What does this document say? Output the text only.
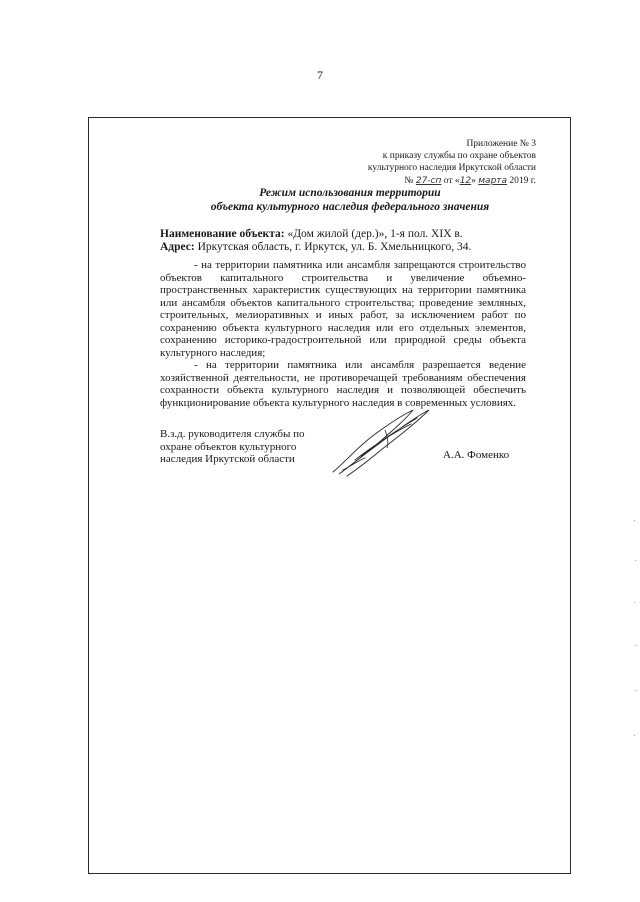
7
Приложение № 3
к приказу службы по охране объектов
культурного наследия Иркутской области
№ 27-сп от «12» марта 2019 г.
Режим использования территории
объекта культурного наследия федерального значения
Наименование объекта: «Дом жилой (дер.)», 1-я пол. XIX в.
Адрес: Иркутская область, г. Иркутск, ул. Б. Хмельницкого, 34.

- на территории памятника или ансамбля запрещаются строительство объектов капитального строительства и увеличение объемно-пространственных характеристик существующих на территории памятника или ансамбля объектов капитального строительства; проведение земляных, строительных, мелиоративных и иных работ, за исключением работ по сохранению объекта культурного наследия или его отдельных элементов, сохранению историко-градостроительной или природной среды объекта культурного наследия;

- на территории памятника или ансамбля разрешается ведение хозяйственной деятельности, не противоречащей требованиям обеспечения сохранности объекта культурного наследия и позволяющей обеспечить функционирование объекта культурного наследия в современных условиях.

В.з.д. руководителя службы по
охране объектов культурного
наследия Иркутской области	А.А. Фоменко
